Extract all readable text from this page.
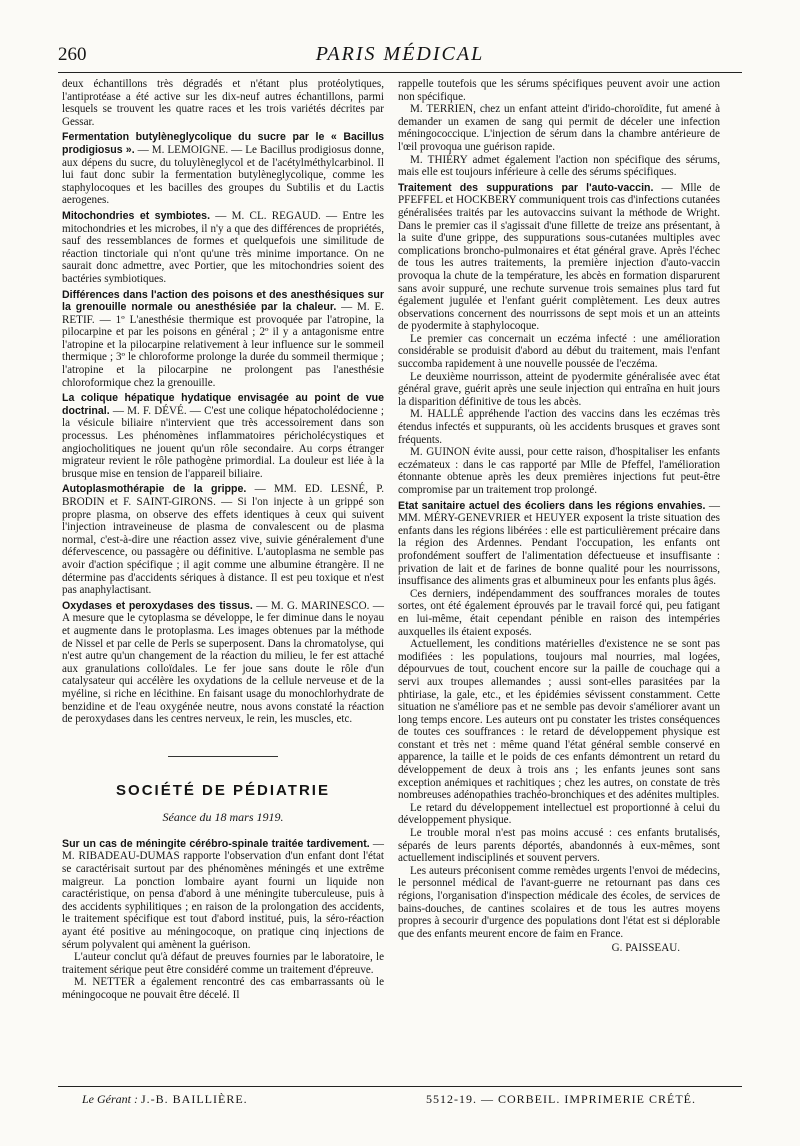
260	PARIS MÉDICAL

deux échantillons très dégradés et n'étant plus protéolytiques, l'antiprotéase a été active sur les dix-neuf autres échantillons, parmi lesquels se trouvent les quatre races et les trois variétés décrites par Gessar.

Fermentation butylèneglycolique du sucre par le « Bacillus prodigiosus ». — M. LEMOIGNE. — Le Bacillus prodigiosus donne, aux dépens du sucre, du toluylèneglycol et de l'acétylméthylcarbinol. Il lui faut donc subir la fermentation butylèneglycolique, comme les staphylocoques et les bacilles des groupes du Subtilis et du Lactis aerogenes.

Mitochondries et symbiotes. — M. CL. REGAUD. — Entre les mitochondries et les microbes, il n'y a que des différences de propriétés, sauf des ressemblances de formes et quelquefois une similitude de réaction tinctoriale qui n'ont qu'une très minime importance. On ne saurait donc admettre, avec Portier, que les mitochondries soient des bactéries symbiotiques.

Différences dans l'action des poisons et des anesthésiques sur la grenouille normale ou anesthésiée par la chaleur. — M. E. RETIF. — 1º L'anesthésie thermique est provoquée par l'atropine, la pilocarpine et par les poisons en général ; 2º il y a antagonisme entre l'atropine et la pilocarpine relativement à leur influence sur le sommeil thermique ; 3º le chloroforme prolonge la durée du sommeil thermique ; l'atropine et la pilocarpine ne prolongent pas l'anesthésie chloroformique chez la grenouille.

La colique hépatique hydatique envisagée au point de vue doctrinal. — M. F. DÉVÉ. — C'est une colique hépatocholédocienne ; la vésicule biliaire n'intervient que très accessoirement dans son processus. Les phénomènes inflammatoires péricholécystiques et angiocholitiques ne jouent qu'un rôle secondaire. Au corps étranger migrateur revient le rôle pathogène primordial. La douleur est liée à la brusque mise en tension de l'appareil biliaire.

Autoplasmothérapie de la grippe. — MM. ED. LESNÉ, P. BRODIN et F. SAINT-GIRONS. — Si l'on injecte à un grippé son propre plasma, on observe des effets identiques à ceux qui suivent l'injection intraveineuse de plasma de convalescent ou de plasma normal, c'est-à-dire une réaction assez vive, suivie généralement d'une défervescence, ou passagère ou définitive. L'autoplasma ne semble pas avoir d'action spécifique ; il agit comme une albumine étrangère. Il ne détermine pas d'accidents sériques à distance. Il est peu toxique et n'est pas anaphylactisant.

Oxydases et peroxydases des tissus. — M. G. MARINESCO. — A mesure que le cytoplasma se développe, le fer diminue dans le noyau et augmente dans le protoplasma. Les images obtenues par la méthode de Nissel et par celle de Perls se superposent. Dans la chromatolyse, qui n'est autre qu'un changement de la réaction du milieu, le fer est attaché aux granulations colloïdales. Le fer joue sans doute le rôle d'un catalysateur qui accélère les oxydations de la cellule nerveuse et de la myéline, si riche en lécithine. En faisant usage du monochlorhydrate de benzidine et de l'eau oxygénée neutre, nous avons constaté la réaction de peroxydases dans les centres nerveux, le rein, les muscles, etc.

SOCIÉTÉ DE PÉDIATRIE
Séance du 18 mars 1919.

Sur un cas de méningite cérébro-spinale traitée tardivement. — M. RIBADEAU-DUMAS rapporte l'observation d'un enfant dont l'état se caractérisait surtout par des phénomènes méningés et une extrême maigreur. La ponction lombaire ayant fourni un liquide non caractéristique, on pensa d'abord à une méningite tuberculeuse, puis à des accidents syphilitiques ; en raison de la prolongation des accidents, le traitement spécifique est tout d'abord institué, puis, la séro-réaction ayant été positive au méningocoque, on pratique cinq injections de sérum polyvalent qui amènent la guérison.

L'auteur conclut qu'à défaut de preuves fournies par le laboratoire, le traitement sérique peut être considéré comme un traitement d'épreuve.

M. NETTER a également rencontré des cas embarrassants où le méningocoque ne pouvait être décelé. Il

rappelle toutefois que les sérums spécifiques peuvent avoir une action non spécifique.

M. TERRIEN, chez un enfant atteint d'irido-choroïdite, fut amené à demander un examen de sang qui permit de déceler une infection méningococcique. L'injection de sérum dans la chambre antérieure de l'œil provoqua une guérison rapide.

M. THIÉRY admet également l'action non spécifique des sérums, mais elle est toujours inférieure à celle des sérums spécifiques.

Traitement des suppurations par l'auto-vaccin. — Mlle de PFEFFEL et HOCKBERY communiquent trois cas d'infections cutanées généralisées traités par les autovaccins suivant la méthode de Wright. Dans le premier cas il s'agissait d'une fillette de treize ans présentant, à la suite d'une grippe, des suppurations sous-cutanées multiples avec complications broncho-pulmonaires et état général grave. Après l'échec de tous les autres traitements, la première injection d'auto-vaccin provoqua la chute de la température, les abcès en formation disparurent sans avoir suppuré, une rechute survenue trois semaines plus tard fut également jugulée et l'enfant guérit complètement. Les deux autres observations concernent des nourrissons de sept mois et un an atteints de pyodermite à staphylocoque.

Le premier cas concernait un eczéma infecté : une amélioration considérable se produisit d'abord au début du traitement, mais l'enfant succomba rapidement à une nouvelle poussée de l'eczéma.

Le deuxième nourrisson, atteint de pyodermite généralisée avec état général grave, guérit après une seule injection qui entraîna en huit jours la disparition définitive de tous les abcès.

M. HALLÉ appréhende l'action des vaccins dans les eczémas très étendus infectés et suppurants, où les accidents brusques et graves sont fréquents.

M. GUINON évite aussi, pour cette raison, d'hospitaliser les enfants eczémateux : dans le cas rapporté par Mlle de Pfeffel, l'amélioration étonnante obtenue après les deux premières injections fut peut-être compromise par un traitement trop prolongé.

Etat sanitaire actuel des écoliers dans les régions envahies. — MM. MÉRY-GENEVRIER et HEUYER exposent la triste situation des enfants dans les régions libérées : elle est particulièrement précaire dans la région des Ardennes. Pendant l'occupation, les enfants ont profondément souffert de l'alimentation défectueuse et insuffisante : privation de lait et de farines de bonne qualité pour les nourrissons, insuffisance des aliments gras et albumineux pour les enfants plus âgés.

Ces derniers, indépendamment des souffrances morales de toutes sortes, ont été également éprouvés par le travail forcé qui, peu fatigant en lui-même, était cependant pénible en raison des intempéries auxquelles ils étaient exposés.

Actuellement, les conditions matérielles d'existence ne se sont pas modifiées : les populations, toujours mal nourries, mal logées, dépourvues de tout, couchent encore sur la paille de couchage qui a servi aux troupes allemandes ; aussi sont-elles parasitées par la phtiriase, la gale, etc., et les épidémies sévissent constamment. Cette situation ne s'améliore pas et ne semble pas devoir s'améliorer avant un long temps encore. Les auteurs ont pu constater les tristes conséquences de toutes ces souffrances : le retard de développement physique est constant et très net : même quand l'état général semble conservé en apparence, la taille et le poids de ces enfants démontrent un retard du développement de deux à trois ans ; les enfants jeunes sont sans exception anémiques et rachitiques ; chez les autres, on constate de très nombreuses adénopathies trachéo-bronchiques et des adénites multiples.

Le retard du développement intellectuel est proportionné à celui du développement physique.

Le trouble moral n'est pas moins accusé : ces enfants brutalisés, séparés de leurs parents déportés, abandonnés à eux-mêmes, sont actuellement indisciplinés et souvent pervers.

Les auteurs préconisent comme remèdes urgents l'envoi de médecins, le personnel médical de l'avant-guerre ne retournant pas dans ces régions, l'organisation d'inspection médicale des écoles, de services de bains-douches, de cantines scolaires et de tous les autres moyens propres à secourir d'urgence des populations dont l'état est si déplorable que des enfants meurent encore de faim en France.

G. PAISSEAU.
Le Gérant : J.-B. BAILLIÈRE.	5512-19. — CORBEIL. IMPRIMERIE CRÉTÉ.
